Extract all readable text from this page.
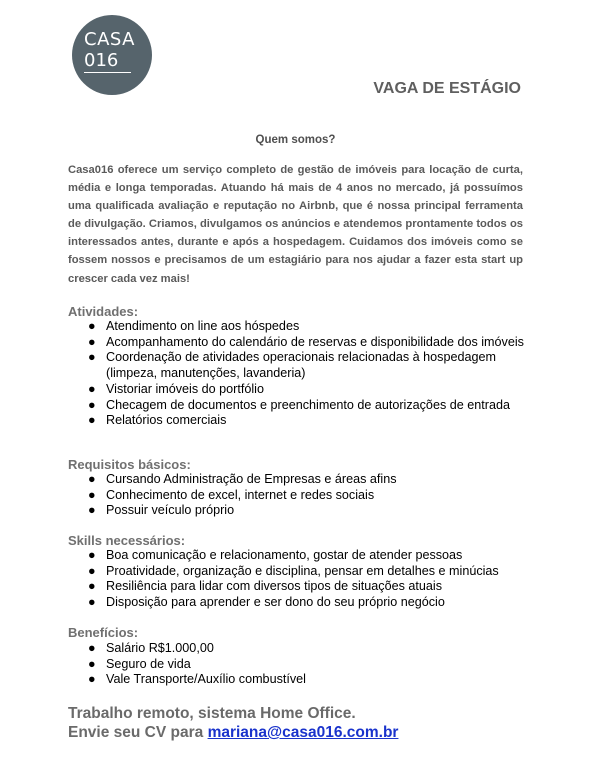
CASA
016
VAGA DE ESTÁGIO
Quem somos?
Casa016 oferece um serviço completo de gestão de imóveis para locação de curta, média e longa temporadas. Atuando há mais de 4 anos no mercado, já possuímos uma qualificada avaliação e reputação no Airbnb, que é nossa principal ferramenta de divulgação. Criamos, divulgamos os anúncios e atendemos prontamente todos os interessados antes, durante e após a hospedagem. Cuidamos dos imóveis como se fossem nossos e precisamos de um estagiário para nos ajudar a fazer esta start up crescer cada vez mais!
Atividades:
● Atendimento on line aos hóspedes
● Acompanhamento do calendário de reservas e disponibilidade dos imóveis
● Coordenação de atividades operacionais relacionadas à hospedagem (limpeza, manutenções, lavanderia)
● Vistoriar imóveis do portfólio
● Checagem de documentos e preenchimento de autorizações de entrada
● Relatórios comerciais
Requisitos básicos:
● Cursando Administração de Empresas e áreas afins
● Conhecimento de excel, internet e redes sociais
● Possuir veículo próprio
Skills necessários:
● Boa comunicação e relacionamento, gostar de atender pessoas
● Proatividade, organização e disciplina, pensar em detalhes e minúcias
● Resiliência para lidar com diversos tipos de situações atuais
● Disposição para aprender e ser dono do seu próprio negócio
Benefícios:
● Salário R$1.000,00
● Seguro de vida
● Vale Transporte/Auxílio combustível
Trabalho remoto, sistema Home Office.
Envie seu CV para mariana@casa016.com.br
